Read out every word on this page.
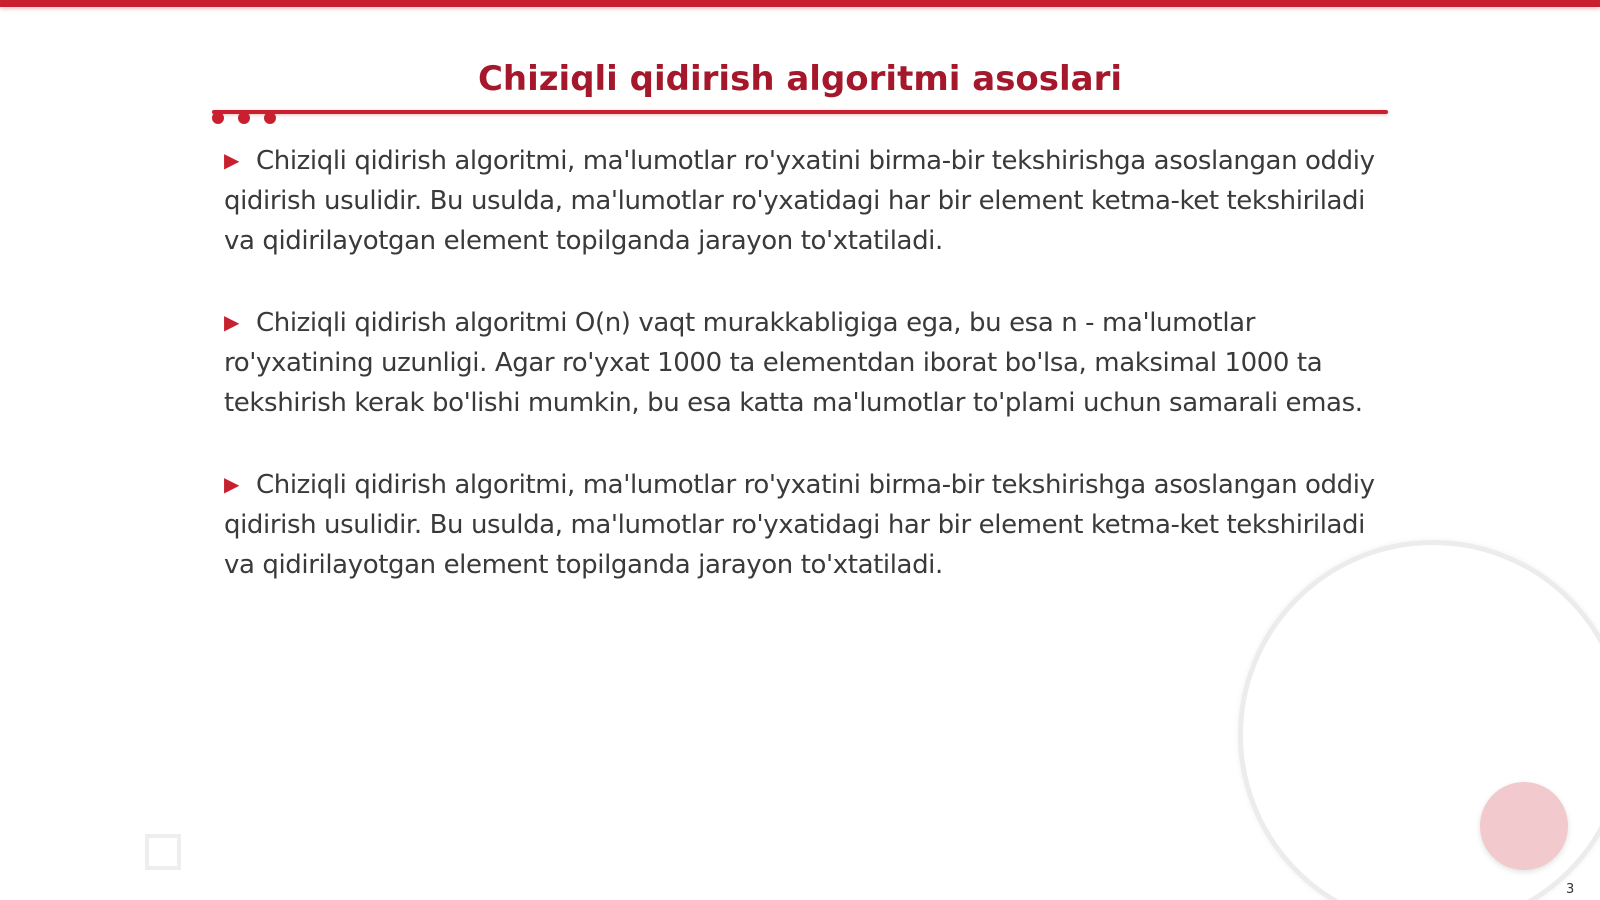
Chiziqli qidirish algoritmi asoslari

▶ Chiziqli qidirish algoritmi, ma'lumotlar ro'yxatini birma-bir tekshirishga asoslangan oddiy qidirish usulidir. Bu usulda, ma'lumotlar ro'yxatidagi har bir element ketma-ket tekshiriladi va qidirilayotgan element topilganda jarayon to'xtatiladi.

▶ Chiziqli qidirish algoritmi O(n) vaqt murakkabligiga ega, bu esa n - ma'lumotlar ro'yxatining uzunligi. Agar ro'yxat 1000 ta elementdan iborat bo'lsa, maksimal 1000 ta tekshirish kerak bo'lishi mumkin, bu esa katta ma'lumotlar to'plami uchun samarali emas.

▶ Chiziqli qidirish algoritmi, ma'lumotlar ro'yxatini birma-bir tekshirishga asoslangan oddiy qidirish usulidir. Bu usulda, ma'lumotlar ro'yxatidagi har bir element ketma-ket tekshiriladi va qidirilayotgan element topilganda jarayon to'xtatiladi.

3
